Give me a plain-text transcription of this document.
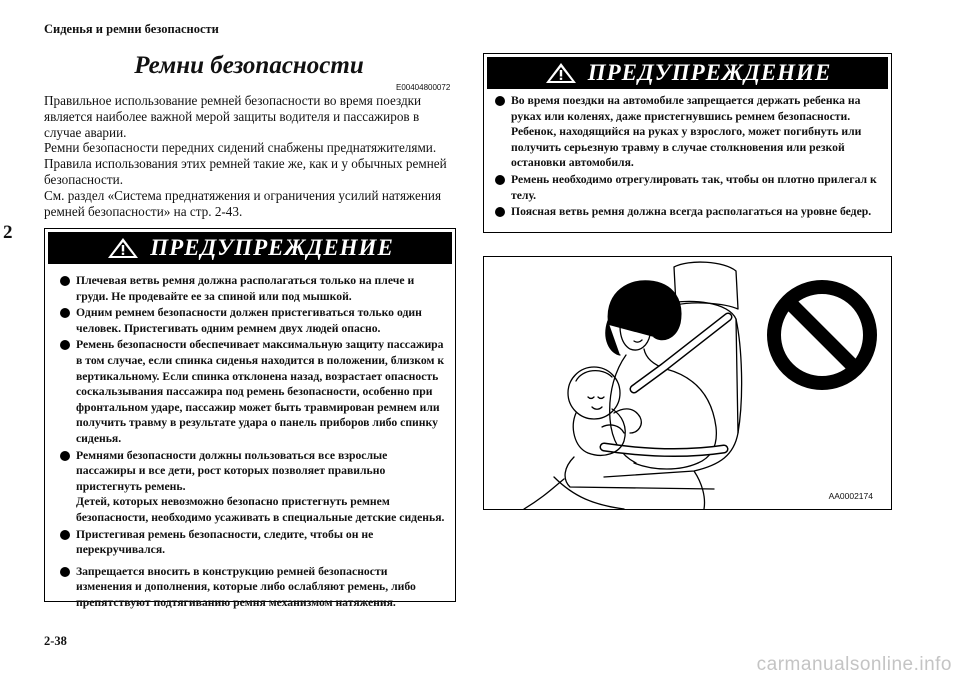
Сиденья и ремни безопасности
2
Ремни безопасности
E00404800072

Правильное использование ремней безопасности во время поездки является наиболее важной мерой защиты водителя и пассажиров в случае аварии.

Ремни безопасности передних сидений снабжены преднатяжителями. Правила использования этих ремней такие же, как и у обычных ремней безопасности.

См. раздел «Система преднатяжения и ограничения усилий натяжения ремней безопасности» на стр. 2-43.

ПРЕДУПРЕЖДЕНИЕ
Плечевая ветвь ремня должна располагаться только на плече и груди. Не продевайте ее за спиной или под мышкой.
Одним ремнем безопасности должен пристегиваться только один человек. Пристегивать одним ремнем двух людей опасно.
Ремень безопасности обеспечивает максимальную защиту пассажира в том случае, если спинка сиденья находится в положении, близком к вертикальному. Если спинка отклонена назад, возрастает опасность соскальзывания пассажира под ремень безопасности, особенно при фронтальном ударе, пассажир может быть травмирован ремнем или получить травму в результате удара о панель приборов либо спинку сиденья.
Ремнями безопасности должны пользоваться все взрослые пассажиры и все дети, рост которых позволяет правильно пристегнуть ремень.
Детей, которых невозможно безопасно пристегнуть ремнем безопасности, необходимо усаживать в специальные детские сиденья.
Пристегивая ремень безопасности, следите, чтобы он не перекручивался.
Запрещается вносить в конструкцию ремней безопасности изменения и дополнения, которые либо ослабляют ремень, либо препятствуют подтягиванию ремня механизмом натяжения.
ПРЕДУПРЕЖДЕНИЕ
Во время поездки на автомобиле запрещается держать ребенка на руках или коленях, даже пристегнувшись ремнем безопасности. Ребенок, находящийся на руках у взрослого, может погибнуть или получить серьезную травму в случае столкновения или резкой остановки автомобиля.
Ремень необходимо отрегулировать так, чтобы он плотно прилегал к телу.
Поясная ветвь ремня должна всегда располагаться на уровне бедер.
AA0002174
2-38
carmanualsonline.info
